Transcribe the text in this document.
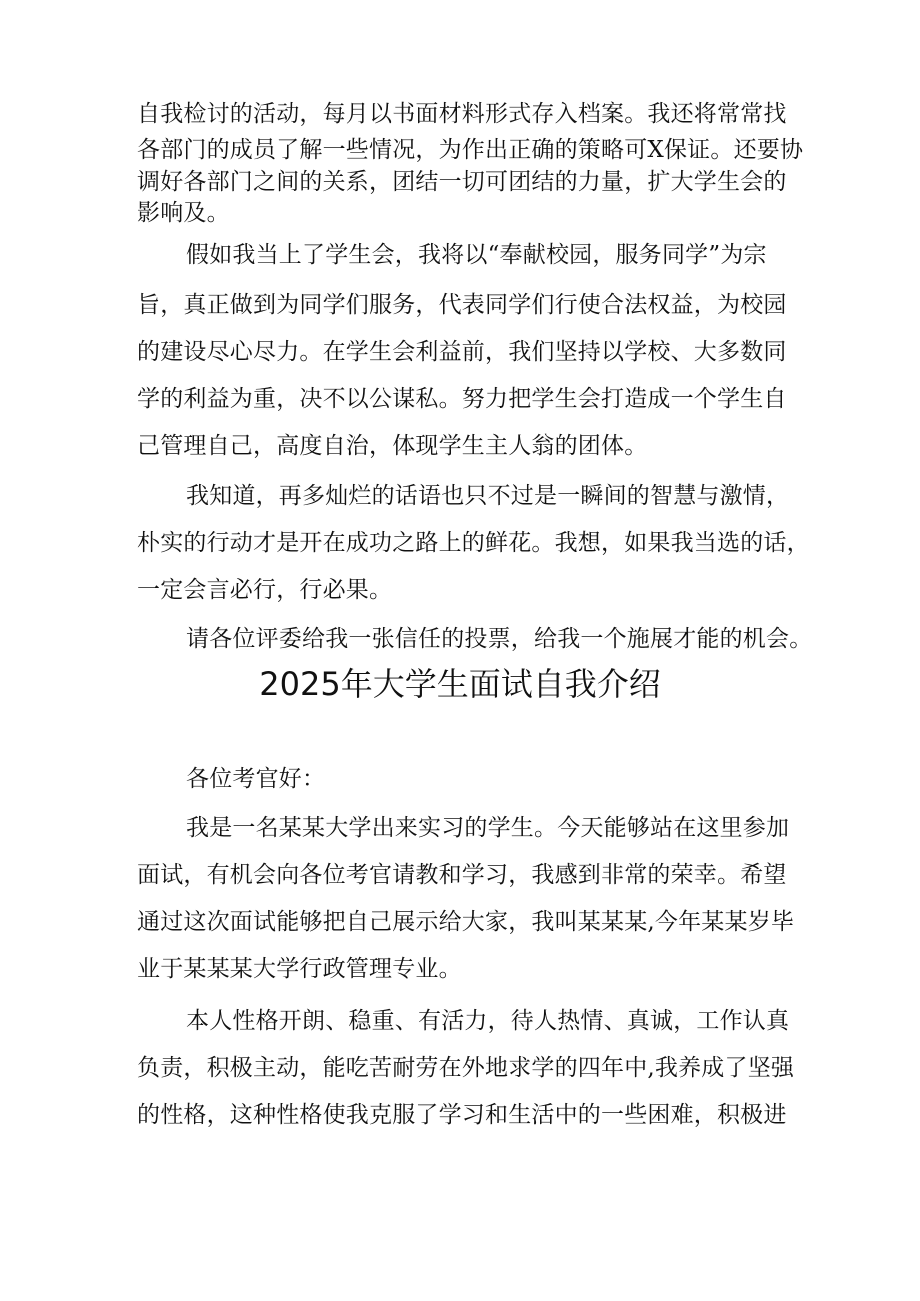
自我检讨的活动，每月以书面材料形式存入档案。我还将常常找
各部门的成员了解一些情况，为作出正确的策略可X保证。还要协
调好各部门之间的关系，团结一切可团结的力量，扩大学生会的
影响及。
假如我当上了学生会，我将以“奉献校园，服务同学”为宗
旨，真正做到为同学们服务，代表同学们行使合法权益，为校园
的建设尽心尽力。在学生会利益前，我们坚持以学校、大多数同
学的利益为重，决不以公谋私。努力把学生会打造成一个学生自
己管理自己，高度自治，体现学生主人翁的团体。
我知道，再多灿烂的话语也只不过是一瞬间的智慧与激情，
朴实的行动才是开在成功之路上的鲜花。我想，如果我当选的话，
一定会言必行，行必果。
请各位评委给我一张信任的投票，给我一个施展才能的机会。
2025年大学生面试自我介绍
各位考官好：
我是一名某某大学出来实习的学生。今天能够站在这里参加
面试，有机会向各位考官请教和学习，我感到非常的荣幸。希望
通过这次面试能够把自己展示给大家，我叫某某某,今年某某岁毕
业于某某某大学行政管理专业。
本人性格开朗、稳重、有活力，待人热情、真诚，工作认真
负责，积极主动，能吃苦耐劳在外地求学的四年中,我养成了坚强
的性格，这种性格使我克服了学习和生活中的一些困难，积极进
